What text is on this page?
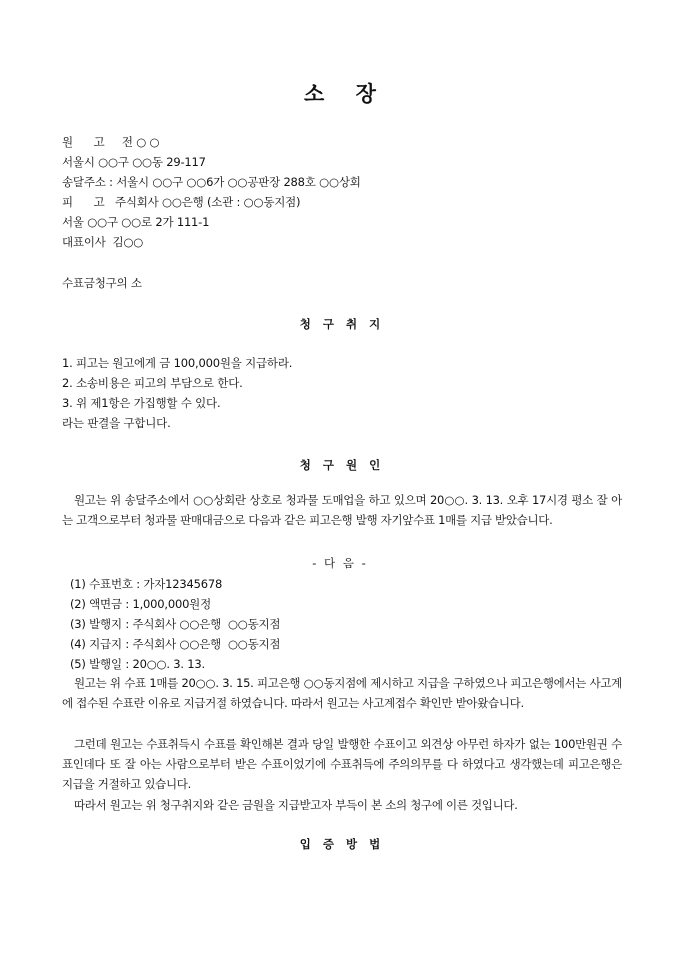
소 장
원      고 전 ○ ○
서울시 ○○구 ○○동 29-117
송달주소 : 서울시 ○○구 ○○6가 ○○공판장 288호 ○○상회
피      고 주식회사 ○○은행 (소관 : ○○동지점)
서울 ○○구 ○○로 2가 111-1
대표이사  김○○
수표금청구의 소
청 구 취 지
1. 피고는 원고에게 금 100,000원을 지급하라.
2. 소송비용은 피고의 부담으로 한다.
3. 위 제1항은 가집행할 수 있다.
라는 판결을 구합니다.
청 구 원 인
원고는 위 송달주소에서 ○○상회란 상호로 청과물 도매업을 하고 있으며 20○○. 3. 13. 오후 17시경 평소 잘 아는 고객으로부터 청과물 판매대금으로 다음과 같은 피고은행 발행 자기앞수표 1매를 지급 받았습니다.
- 다 음 -
(1) 수표번호 : 가자12345678
(2) 액면금 : 1,000,000원정
(3) 발행지 : 주식회사 ○○은행  ○○동지점
(4) 지급지 : 주식회사 ○○은행  ○○동지점
(5) 발행일 : 20○○. 3. 13.
원고는 위 수표 1매를 20○○. 3. 15. 피고은행 ○○동지점에 제시하고 지급을 구하였으나 피고은행에서는 사고계에 접수된 수표란 이유로 지급거절 하였습니다. 따라서 원고는 사고계접수 확인만 받아왔습니다.
그런데 원고는 수표취득시 수표를 확인해본 결과 당일 발행한 수표이고 외견상 아무런 하자가 없는 100만원권 수표인데다 또 잘 아는 사람으로부터 받은 수표이었기에 수표취득에 주의의무를 다 하였다고 생각했는데 피고은행은 지급을 거절하고 있습니다.
따라서 원고는 위 청구취지와 같은 금원을 지급받고자 부득이 본 소의 청구에 이른 것입니다.
입 증 방 법
